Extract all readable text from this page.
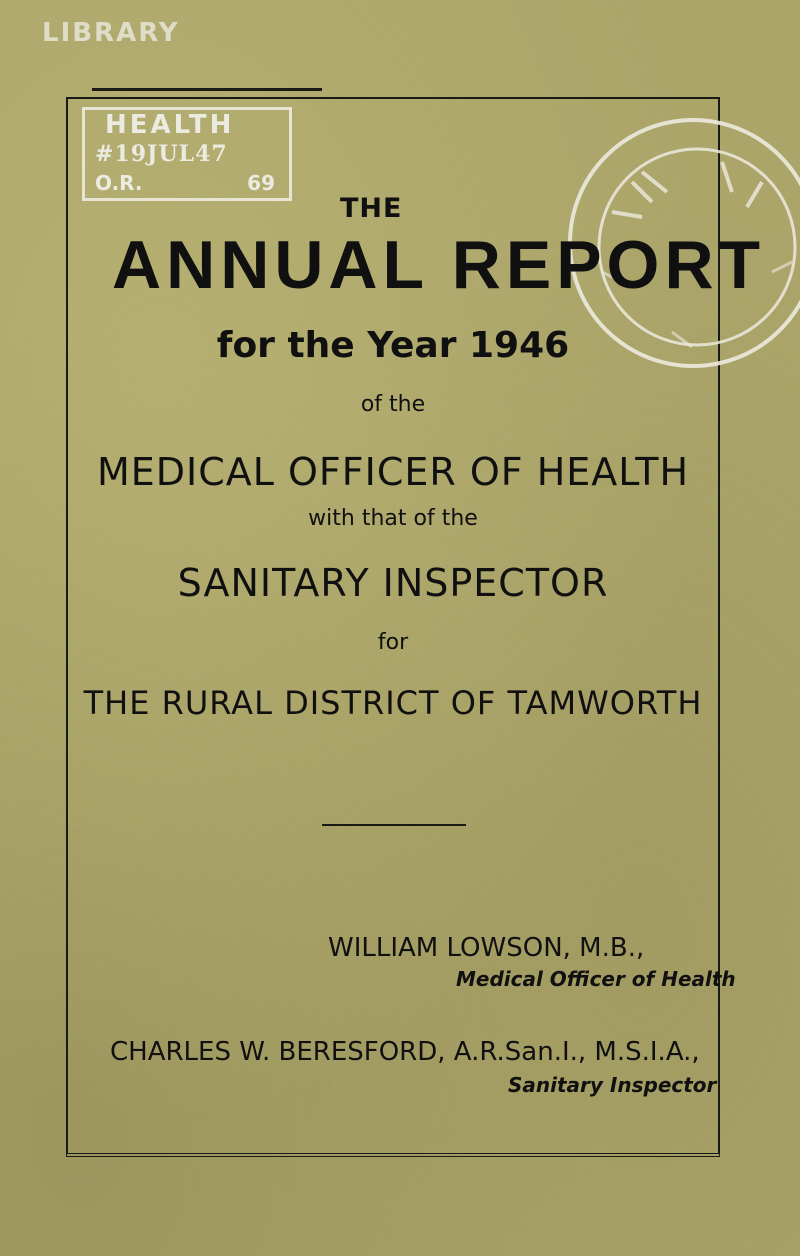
LIBRARY
HEALTH
#19JUL47
O.R.	69
THE
ANNUAL REPORT
for the Year 1946
of the
MEDICAL OFFICER OF HEALTH
with that of the
SANITARY INSPECTOR
for
THE RURAL DISTRICT OF TAMWORTH
WILLIAM LOWSON, M.B.,
Medical Officer of Health
CHARLES W. BERESFORD, A.R.San.I., M.S.I.A.,
Sanitary Inspector
